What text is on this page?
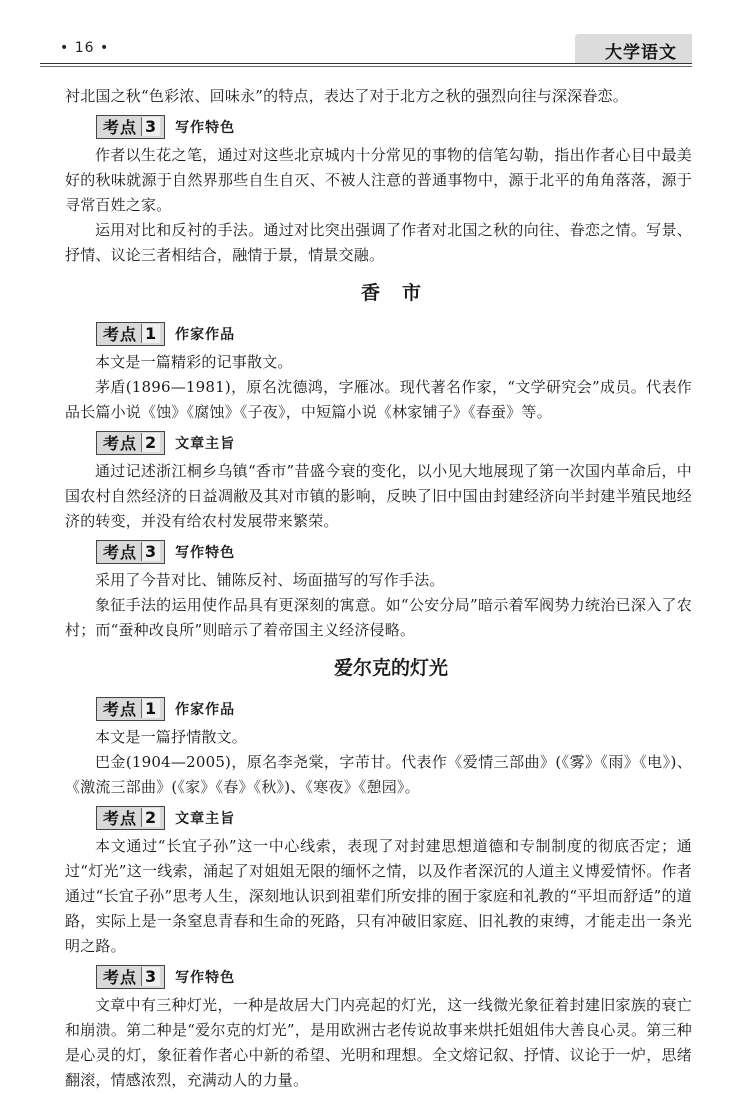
• 16 •	大学语文

衬北国之秋“色彩浓、回味永”的特点，表达了对于北方之秋的强烈向往与深深眷恋。

考点 3 写作特色

作者以生花之笔，通过对这些北京城内十分常见的事物的信笔勾勒，指出作者心目中最美好的秋味就源于自然界那些自生自灭、不被人注意的普通事物中，源于北平的角角落落，源于寻常百姓之家。

运用对比和反衬的手法。通过对比突出强调了作者对北国之秋的向往、眷恋之情。写景、抒情、议论三者相结合，融情于景，情景交融。

香市
考点 1 作家作品

本文是一篇精彩的记事散文。

茅盾(1896—1981)，原名沈德鸿，字雁冰。现代著名作家，“文学研究会”成员。代表作品长篇小说《蚀》《腐蚀》《子夜》，中短篇小说《林家铺子》《春蚕》等。

考点 2 文章主旨

通过记述浙江桐乡乌镇“香市”昔盛今衰的变化，以小见大地展现了第一次国内革命后，中国农村自然经济的日益凋敝及其对市镇的影响，反映了旧中国由封建经济向半封建半殖民地经济的转变，并没有给农村发展带来繁荣。

考点 3 写作特色

采用了今昔对比、铺陈反衬、场面描写的写作手法。

象征手法的运用使作品具有更深刻的寓意。如“公安分局”暗示着军阀势力统治已深入了农村；而“蚕种改良所”则暗示了着帝国主义经济侵略。

爱尔克的灯光
考点 1 作家作品

本文是一篇抒情散文。

巴金(1904—2005)，原名李尧棠，字芾甘。代表作《爱情三部曲》(《雾》《雨》《电》)、《激流三部曲》(《家》《春》《秋》)、《寒夜》《憩园》。

考点 2 文章主旨

本文通过“长宜子孙”这一中心线索，表现了对封建思想道德和专制制度的彻底否定；通过“灯光”这一线索，涌起了对姐姐无限的缅怀之情，以及作者深沉的人道主义博爱情怀。作者通过“长宜子孙”思考人生，深刻地认识到祖辈们所安排的囿于家庭和礼教的“平坦而舒适”的道路，实际上是一条窒息青春和生命的死路，只有冲破旧家庭、旧礼教的束缚，才能走出一条光明之路。

考点 3 写作特色

文章中有三种灯光，一种是故居大门内亮起的灯光，这一线微光象征着封建旧家族的衰亡和崩溃。第二种是“爱尔克的灯光”，是用欧洲古老传说故事来烘托姐姐伟大善良心灵。第三种是心灵的灯，象征着作者心中新的希望、光明和理想。全文熔记叙、抒情、议论于一炉，思绪翻滚，情感浓烈，充满动人的力量。
